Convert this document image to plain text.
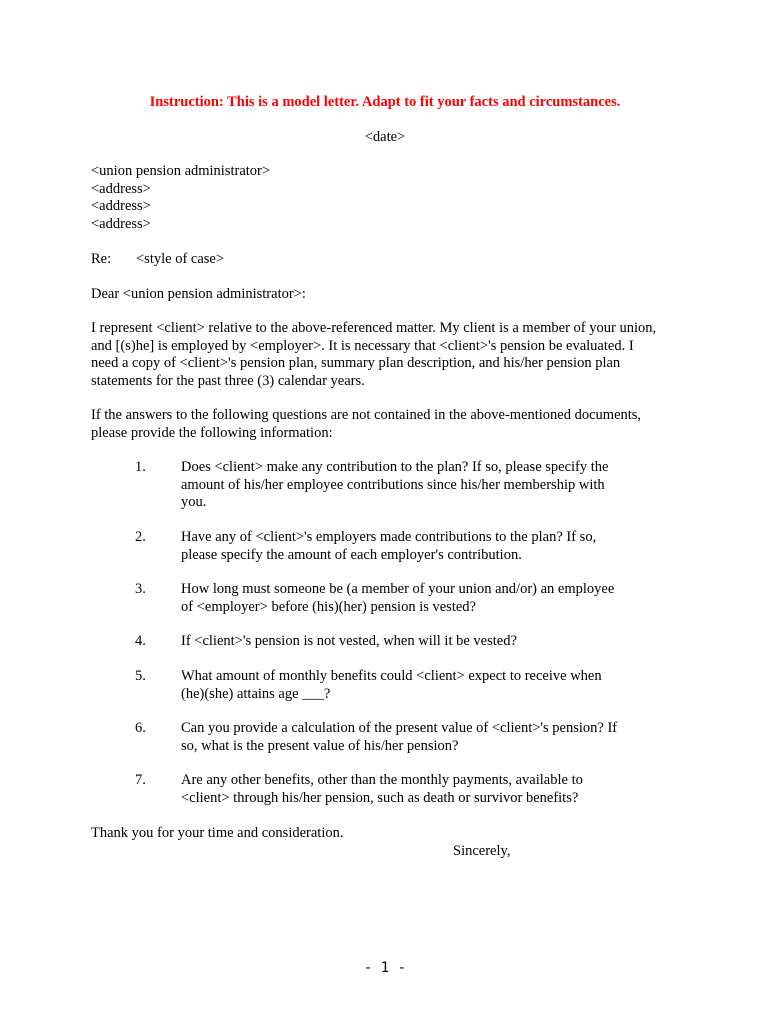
Instruction: This is a model letter. Adapt to fit your facts and circumstances.
<date>
<union pension administrator>
<address>
<address>
<address>
Re: <style of case>
Dear <union pension administrator>:
I represent <client> relative to the above-referenced matter. My client is a member of your union,
and [(s)he] is employed by <employer>. It is necessary that <client>'s pension be evaluated. I
need a copy of <client>'s pension plan, summary plan description, and his/her pension plan
statements for the past three (3) calendar years.
If the answers to the following questions are not contained in the above-mentioned documents,
please provide the following information:
1. Does <client> make any contribution to the plan? If so, please specify the
amount of his/her employee contributions since his/her membership with
you.
2. Have any of <client>'s employers made contributions to the plan? If so,
please specify the amount of each employer's contribution.
3. How long must someone be (a member of your union and/or) an employee
of <employer> before (his)(her) pension is vested?
4. If <client>'s pension is not vested, when will it be vested?
5. What amount of monthly benefits could <client> expect to receive when
(he)(she) attains age ___?
6. Can you provide a calculation of the present value of <client>'s pension? If
so, what is the present value of his/her pension?
7. Are any other benefits, other than the monthly payments, available to
<client> through his/her pension, such as death or survivor benefits?
Thank you for your time and consideration.
Sincerely,
- 1 -
